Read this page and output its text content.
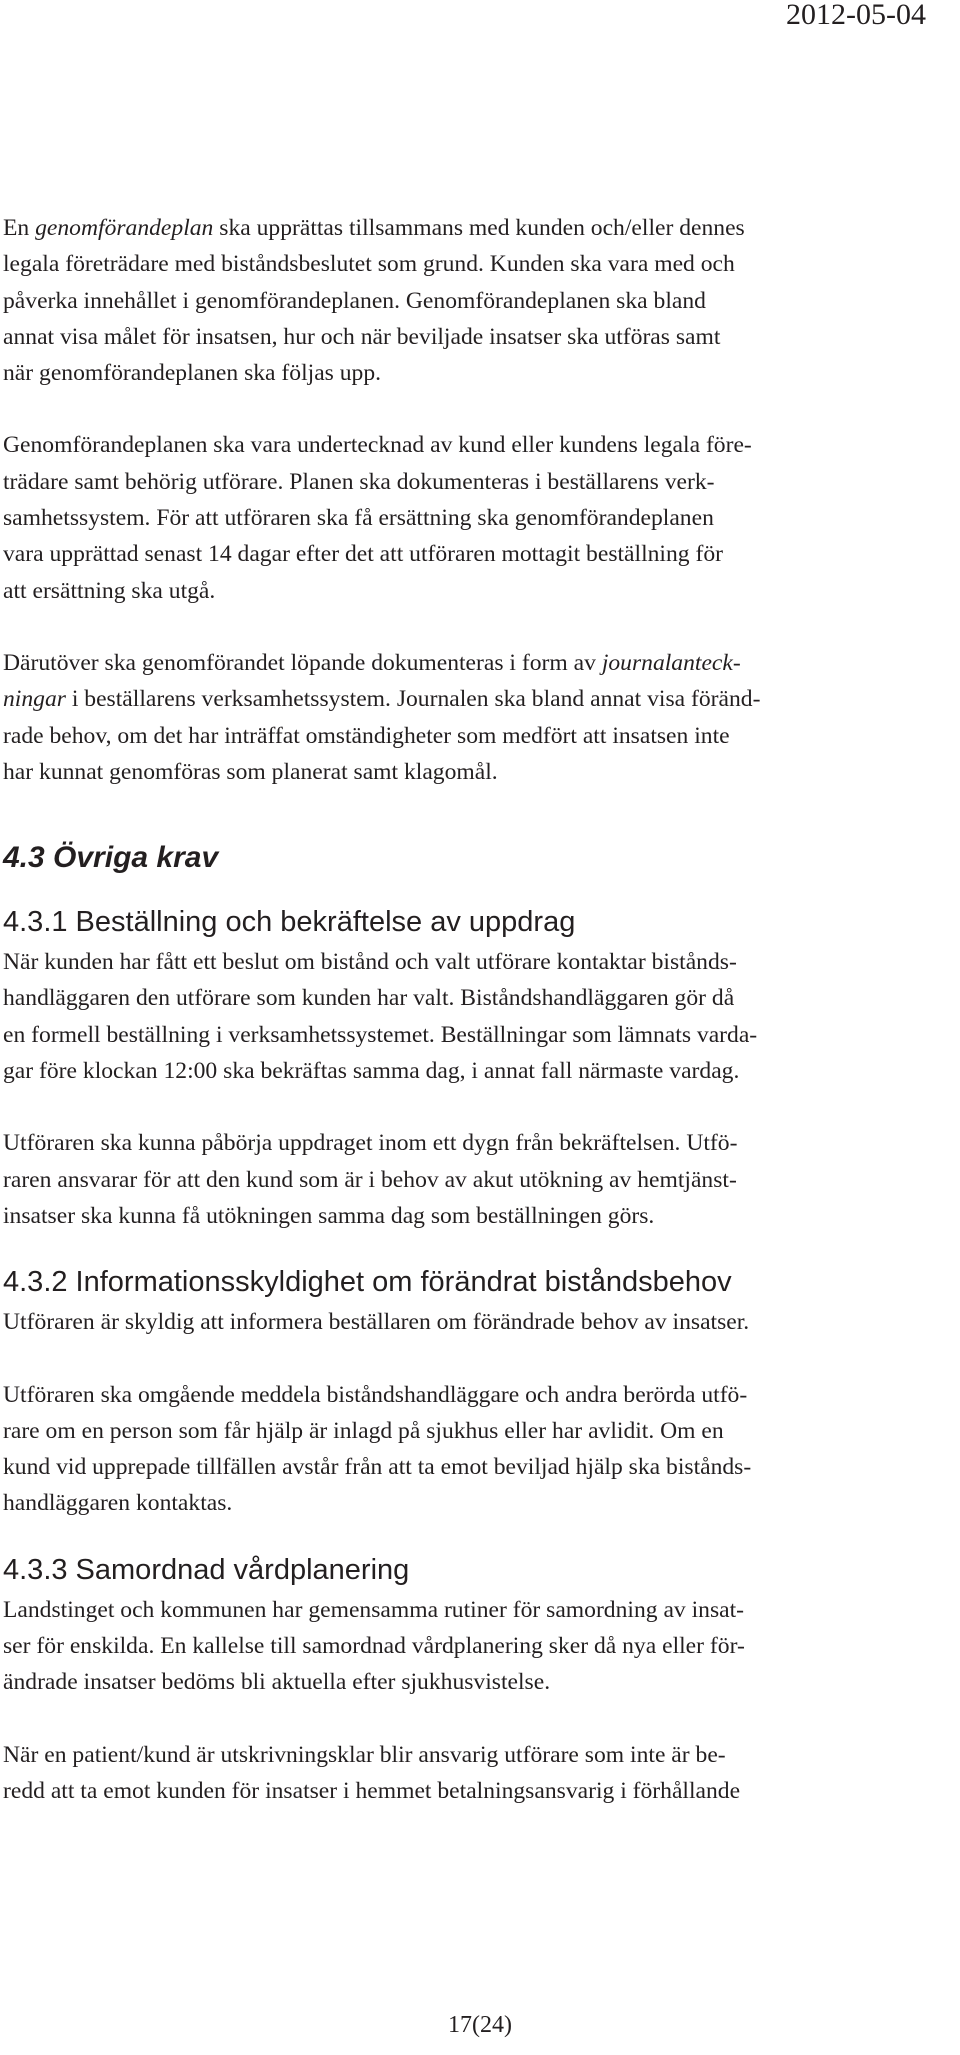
2012-05-04

En genomförandeplan ska upprättas tillsammans med kunden och/eller dennes
legala företrädare med biståndsbeslutet som grund. Kunden ska vara med och
påverka innehållet i genomförandeplanen. Genomförandeplanen ska bland
annat visa målet för insatsen, hur och när beviljade insatser ska utföras samt
när genomförandeplanen ska följas upp.

Genomförandeplanen ska vara undertecknad av kund eller kundens legala före-
trädare samt behörig utförare. Planen ska dokumenteras i beställarens verk-
samhetssystem. För att utföraren ska få ersättning ska genomförandeplanen
vara upprättad senast 14 dagar efter det att utföraren mottagit beställning för
att ersättning ska utgå.

Därutöver ska genomförandet löpande dokumenteras i form av journalanteck-
ningar i beställarens verksamhetssystem. Journalen ska bland annat visa föränd-
rade behov, om det har inträffat omständigheter som medfört att insatsen inte
har kunnat genomföras som planerat samt klagomål.

4.3 Övriga krav
4.3.1 Beställning och bekräftelse av uppdrag

När kunden har fått ett beslut om bistånd och valt utförare kontaktar bistånds-
handläggaren den utförare som kunden har valt. Biståndshandläggaren gör då
en formell beställning i verksamhetssystemet. Beställningar som lämnats varda-
gar före klockan 12:00 ska bekräftas samma dag, i annat fall närmaste vardag.

Utföraren ska kunna påbörja uppdraget inom ett dygn från bekräftelsen. Utfö-
raren ansvarar för att den kund som är i behov av akut utökning av hemtjänst-
insatser ska kunna få utökningen samma dag som beställningen görs.

4.3.2 Informationsskyldighet om förändrat biståndsbehov

Utföraren är skyldig att informera beställaren om förändrade behov av insatser.

Utföraren ska omgående meddela biståndshandläggare och andra berörda utfö-
rare om en person som får hjälp är inlagd på sjukhus eller har avlidit. Om en
kund vid upprepade tillfällen avstår från att ta emot beviljad hjälp ska bistånds-
handläggaren kontaktas.

4.3.3 Samordnad vårdplanering

Landstinget och kommunen har gemensamma rutiner för samordning av insat-
ser för enskilda. En kallelse till samordnad vårdplanering sker då nya eller för-
ändrade insatser bedöms bli aktuella efter sjukhusvistelse.

När en patient/kund är utskrivningsklar blir ansvarig utförare som inte är be-
redd att ta emot kunden för insatser i hemmet betalningsansvarig i förhållande

17(24)
